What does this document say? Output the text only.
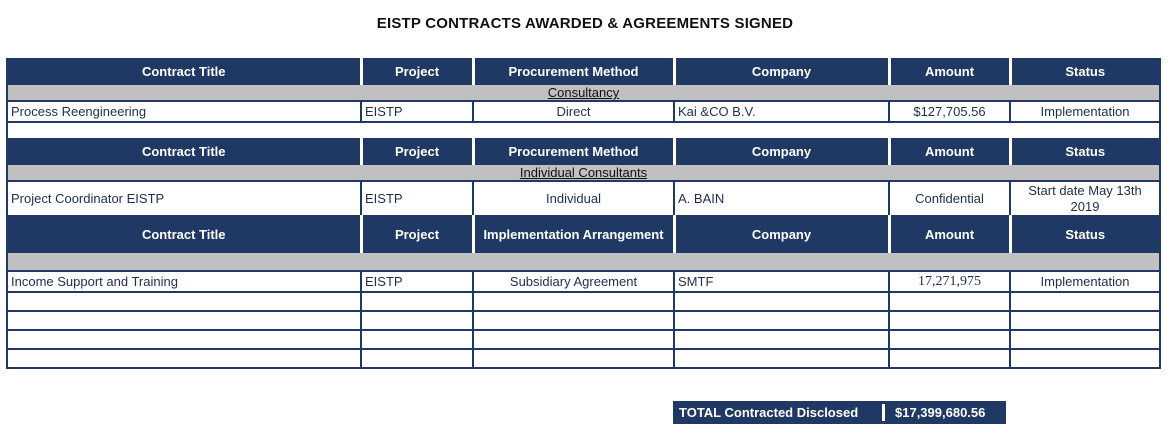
EISTP CONTRACTS AWARDED & AGREEMENTS SIGNED
Contract Title	Project	Procurement Method	Company	Amount	Status
Consultancy					
Process Reengineering	EISTP	Direct	Kai &CO B.V.	$127,705.56	Implementation

Contract Title	Project	Procurement Method	Company	Amount	Status
Individual Consultants					
Project Coordinator EISTP	EISTP	Individual	A. BAIN	Confidential	Start date May 13th 2019
Contract Title	Project	Implementation Arrangement	Company	Amount	Status

Income Support and Training	EISTP	Subsidiary Agreement	SMTF	17,271,975	Implementation

TOTAL Contracted Disclosed	$17,399,680.56
